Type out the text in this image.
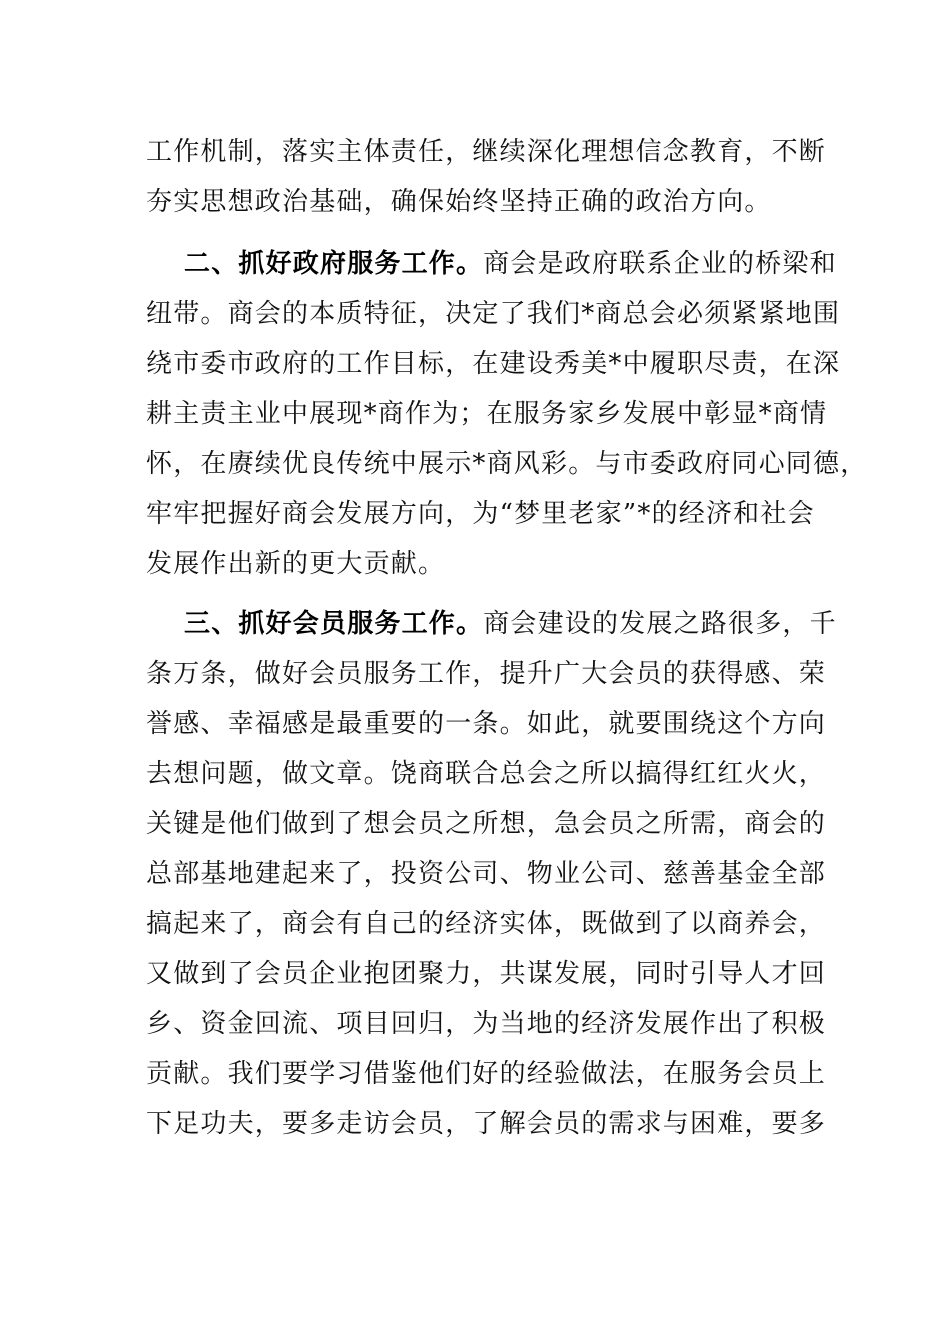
工作机制，落实主体责任，继续深化理想信念教育，不断
夯实思想政治基础，确保始终坚持正确的政治方向。
二、抓好政府服务工作。商会是政府联系企业的桥梁和
纽带。商会的本质特征，决定了我们*商总会必须紧紧地围
绕市委市政府的工作目标，在建设秀美*中履职尽责，在深
耕主责主业中展现*商作为；在服务家乡发展中彰显*商情
怀，在赓续优良传统中展示*商风彩。与市委政府同心同德，
牢牢把握好商会发展方向，为“梦里老家”*的经济和社会
发展作出新的更大贡献。
三、抓好会员服务工作。商会建设的发展之路很多，千
条万条，做好会员服务工作，提升广大会员的获得感、荣
誉感、幸福感是最重要的一条。如此，就要围绕这个方向
去想问题，做文章。饶商联合总会之所以搞得红红火火，
关键是他们做到了想会员之所想，急会员之所需，商会的
总部基地建起来了，投资公司、物业公司、慈善基金全部
搞起来了，商会有自己的经济实体，既做到了以商养会，
又做到了会员企业抱团聚力，共谋发展，同时引导人才回
乡、资金回流、项目回归，为当地的经济发展作出了积极
贡献。我们要学习借鉴他们好的经验做法，在服务会员上
下足功夫，要多走访会员，了解会员的需求与困难，要多
